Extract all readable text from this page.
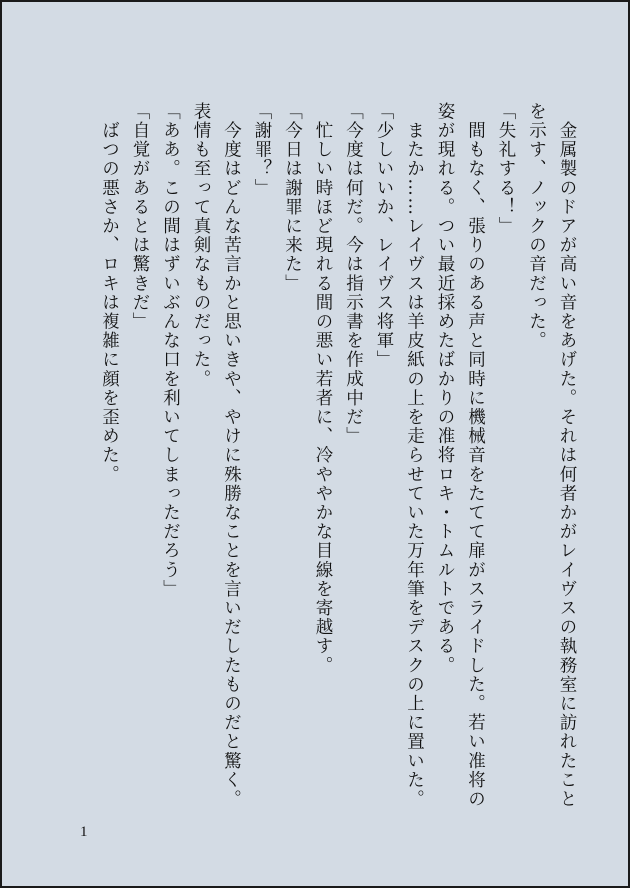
　金属製のドアが高い音をあげた。それは何者かがレイヴスの執務室に訪れたことを示す、ノックの音だった。

「失礼する！」

　間もなく、張りのある声と同時に機械音をたてて扉がスライドした。若い准将の姿が現れる。つい最近採めたばかりの准将ロキ・トムルトである。

　またか……レイヴスは羊皮紙の上を走らせていた万年筆をデスクの上に置いた。

「少しいいか、レイヴス将軍」

「今度は何だ。今は指示書を作成中だ」

　忙しい時ほど現れる間の悪い若者に、冷ややかな目線を寄越す。

「今日は謝罪に来た」

「謝罪？」

　今度はどんな苦言かと思いきや、やけに殊勝なことを言いだしたものだと驚く。表情も至って真剣なものだった。

「ああ。この間はずいぶんな口を利いてしまっただろう」

「自覚があるとは驚きだ」

　ばつの悪さか、ロキは複雑に顔を歪めた。

1
